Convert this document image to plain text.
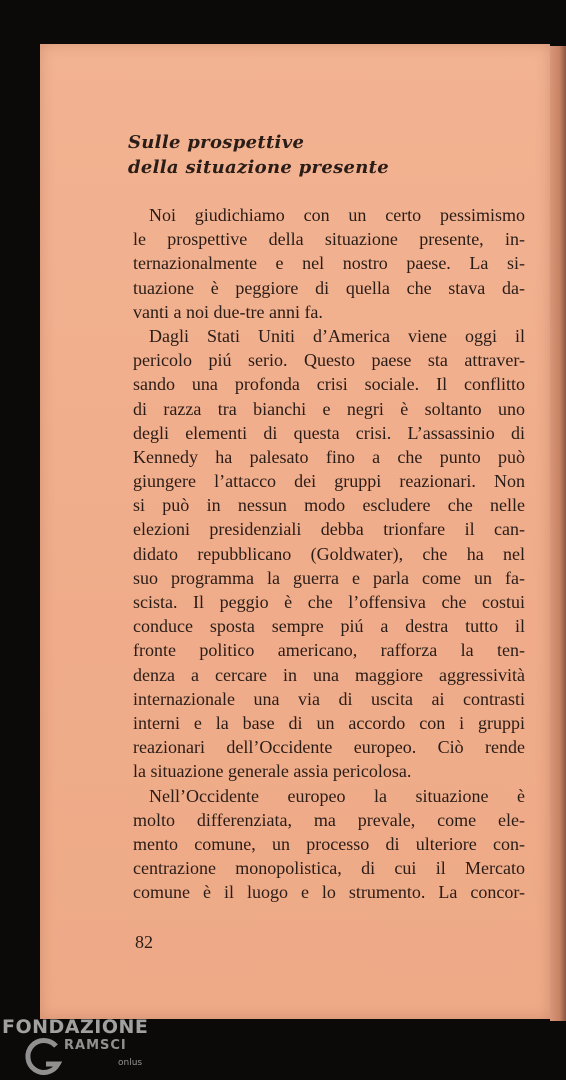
Sulle prospettive
della situazione presente
Noi giudichiamo con un certo pessimismo
le prospettive della situazione presente, in-
ternazionalmente e nel nostro paese. La si-
tuazione è peggiore di quella che stava da-
vanti a noi due-tre anni fa.
Dagli Stati Uniti d’America viene oggi il
pericolo piú serio. Questo paese sta attraver-
sando una profonda crisi sociale. Il conflitto
di razza tra bianchi e negri è soltanto uno
degli elementi di questa crisi. L’assassinio di
Kennedy ha palesato fino a che punto può
giungere l’attacco dei gruppi reazionari. Non
si può in nessun modo escludere che nelle
elezioni presidenziali debba trionfare il can-
didato repubblicano (Goldwater), che ha nel
suo programma la guerra e parla come un fa-
scista. Il peggio è che l’offensiva che costui
conduce sposta sempre piú a destra tutto il
fronte politico americano, rafforza la ten-
denza a cercare in una maggiore aggressività
internazionale una via di uscita ai contrasti
interni e la base di un accordo con i gruppi
reazionari dell’Occidente europeo. Ciò rende
la situazione generale assia pericolosa.
Nell’Occidente europeo la situazione è
molto differenziata, ma prevale, come ele-
mento comune, un processo di ulteriore con-
centrazione monopolistica, di cui il Mercato
comune è il luogo e lo strumento. La concor-
82
FONDAZIONE
RAMSCI
onlus
